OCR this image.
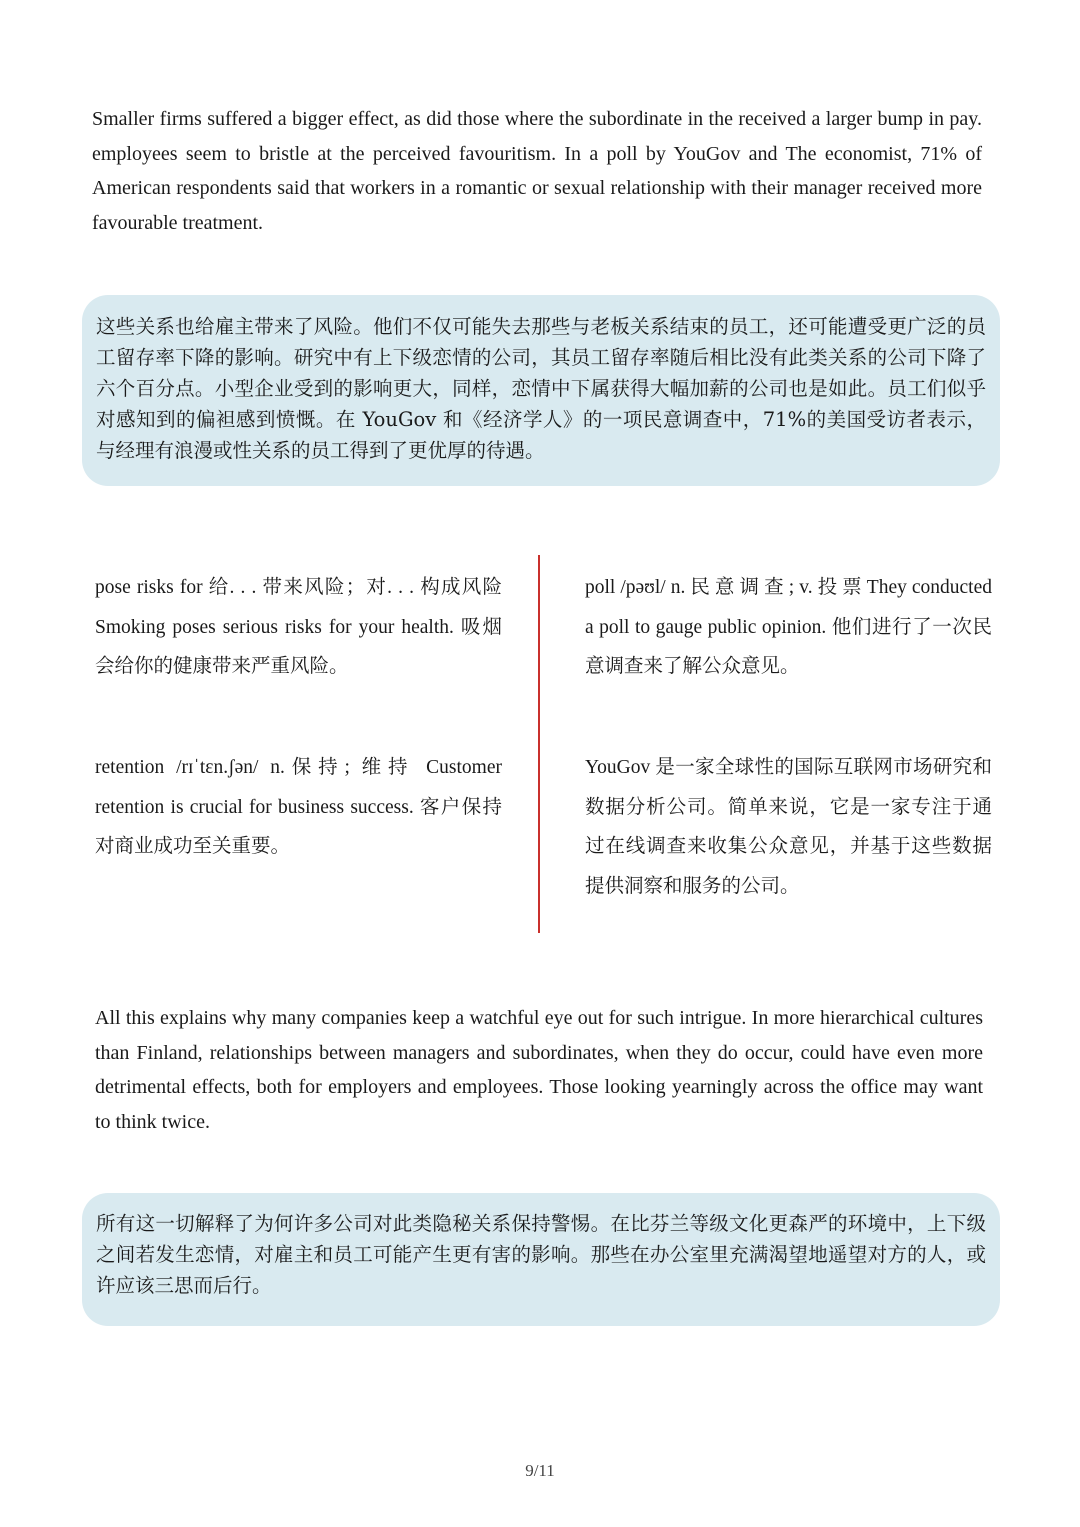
Smaller firms suffered a bigger effect, as did those where the subordinate in the received a larger bump in pay. employees seem to bristle at the perceived favouritism. In a poll by YouGov and The economist, 71% of American respondents said that workers in a romantic or sexual relationship with their manager received more favourable treatment.

这些关系也给雇主带来了风险。他们不仅可能失去那些与老板关系结束的员工，还可能遭受更广泛的员工留存率下降的影响。研究中有上下级恋情的公司，其员工留存率随后相比没有此类关系的公司下降了六个百分点。小型企业受到的影响更大，同样，恋情中下属获得大幅加薪的公司也是如此。员工们似乎对感知到的偏袒感到愤慨。在 YouGov 和《经济学人》的一项民意调查中，71%的美国受访者表示，与经理有浪漫或性关系的员工得到了更优厚的待遇。

pose risks for 给. . . 带来风险；对. . . 构成风险 Smoking poses serious risks for your health. 吸烟会给你的健康带来严重风险。

poll /pəʊl/ n. 民 意 调 查 ; v. 投 票 They conducted a poll to gauge public opinion. 他们进行了一次民意调查来了解公众意见。

retention /rɪˈtɛn.ʃən/ n.保持; 维持 Customer retention is crucial for business success. 客户保持对商业成功至关重要。

YouGov 是一家全球性的国际互联网市场研究和数据分析公司。简单来说，它是一家专注于通过在线调查来收集公众意见，并基于这些数据提供洞察和服务的公司。

All this explains why many companies keep a watchful eye out for such intrigue. In more hierarchical cultures than Finland, relationships between managers and subordinates, when they do occur, could have even more detrimental effects, both for employers and employees. Those looking yearningly across the office may want to think twice.

所有这一切解释了为何许多公司对此类隐秘关系保持警惕。在比芬兰等级文化更森严的环境中，上下级之间若发生恋情，对雇主和员工可能产生更有害的影响。那些在办公室里充满渴望地遥望对方的人，或许应该三思而后行。

9/11
